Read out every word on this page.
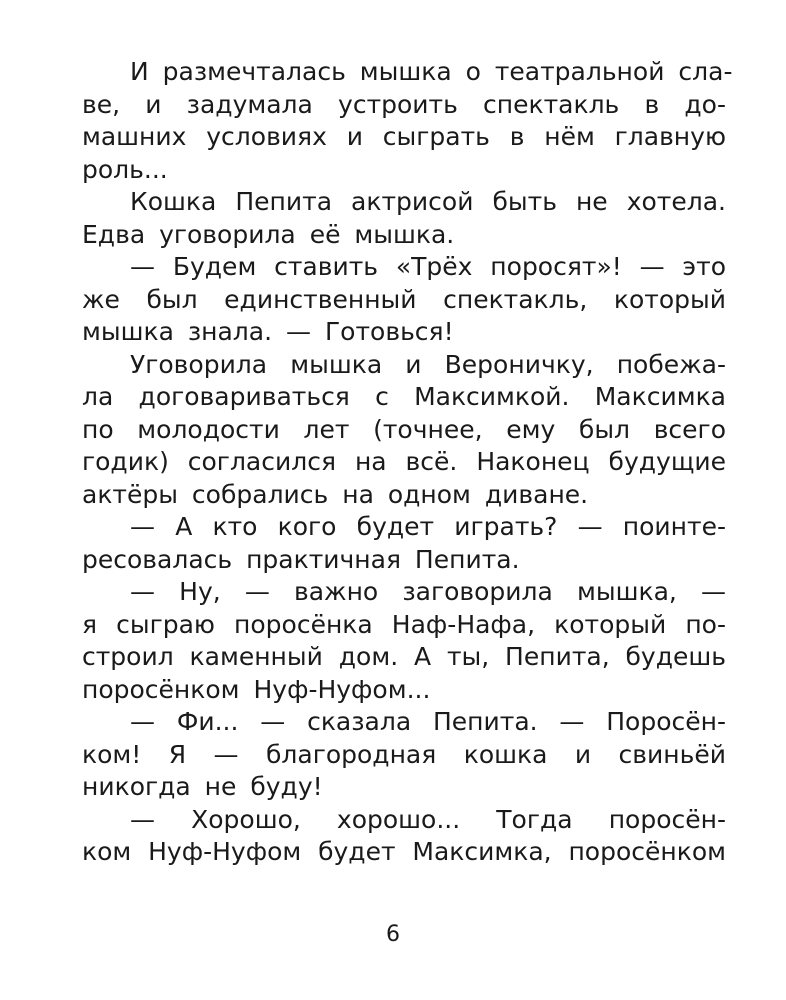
И размечталась мышка о театральной сла-
ве, и задумала устроить спектакль в до-
машних условиях и сыграть в нём главную
роль...

Кошка Пепита актрисой быть не хотела.
Едва уговорила её мышка.

— Будем ставить «Трёх поросят»! — это
же был единственный спектакль, который
мышка знала. — Готовься!

Уговорила мышка и Вероничку, побежа-
ла договариваться с Максимкой. Максимка
по молодости лет (точнее, ему был всего
годик) согласился на всё. Наконец будущие
актёры собрались на одном диване.

— А кто кого будет играть? — поинте-
ресовалась практичная Пепита.

— Ну, — важно заговорила мышка, —
я сыграю поросёнка Наф-Нафа, который по-
строил каменный дом. А ты, Пепита, будешь
поросёнком Нуф-Нуфом...

— Фи... — сказала Пепита. — Поросён-
ком! Я — благородная кошка и свиньёй
никогда не буду!

— Хорошо, хорошо... Тогда поросён-
ком Нуф-Нуфом будет Максимка, поросёнком

6
